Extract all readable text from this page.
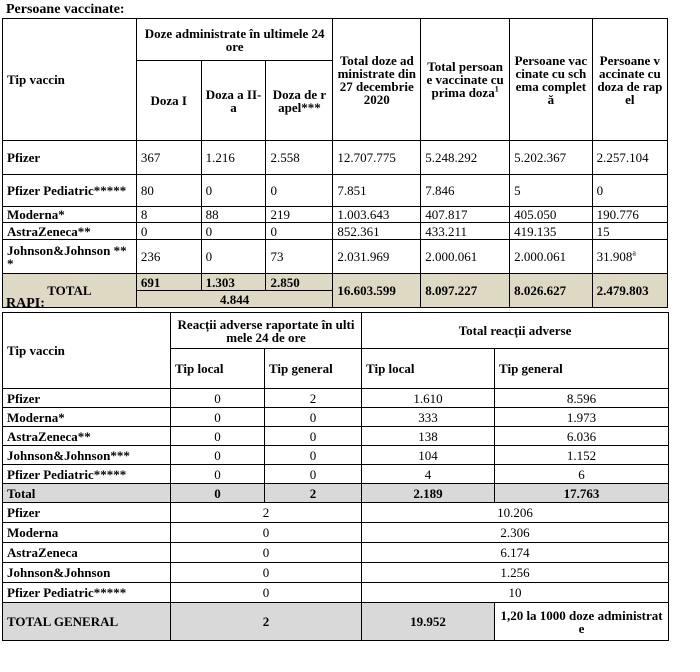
Persoane vaccinate:
Tip vaccin	Doze administrate în ultimele 24 ore			Total doze administrate din 27 decembrie 2020	Total persoane vaccinate cu prima doza$^1$	Persoane vaccinate cu schema completă	Persoane vaccinate cu doza de rapel
	Doza I	Doza a II-a	Doza de rapel***				
Pfizer	367	1.216	2.558	12.707.775	5.248.292	5.202.367	2.257.104
Pfizer Pediatric*****	80	0	0	7.851	7.846	5	0
Moderna*	8	88	219	1.003.643	407.817	405.050	190.776
AstraZeneca**	0	0	0	852.361	433.211	419.135	15
Johnson&Johnson ***	236	0	73	2.031.969	2.000.061	2.000.061	31.908$^a$
TOTAL	691	1.303	2.850	16.603.599	8.097.227	8.026.627	2.479.803
	4.844						
RAPI:
Tip vaccin	Reacții adverse raportate în ultimele 24 de ore		Total reacții adverse	
	Tip local	Tip general	Tip local	Tip general
Pfizer	0	2	1.610	8.596
Moderna*	0	0	333	1.973
AstraZeneca**	0	0	138	6.036
Johnson&Johnson***	0	0	104	1.152
Pfizer Pediatric*****	0	0	4	6
Total	0	2	2.189	17.763
Pfizer	2		10.206	
Moderna	0		2.306	
AstraZeneca	0		6.174	
Johnson&Johnson	0		1.256	
Pfizer Pediatric*****	0		10	
TOTAL GENERAL	2		19.952	1,20 la 1000 doze administrate
